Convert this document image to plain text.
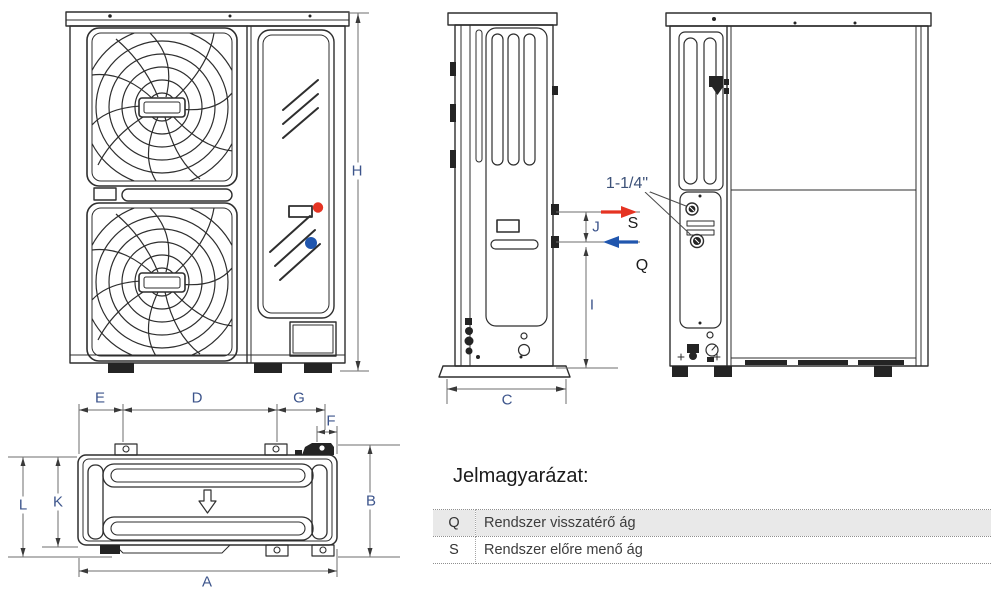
H
C
I
J
E	D	G
F
L K	B
A
1-1/4"
S
Q
Jelmagyarázat:
Q	Rendszer visszatérő ág
S	Rendszer előre menő ág
